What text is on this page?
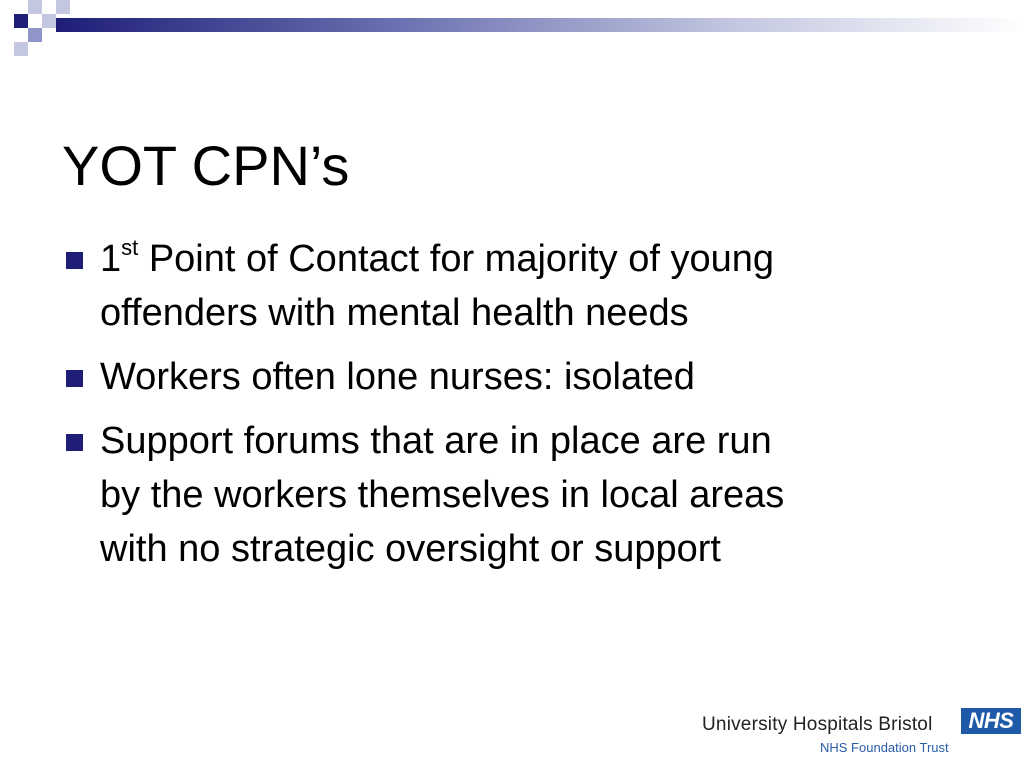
YOT CPN’s
1st Point of Contact for majority of young
offenders with mental health needs
Workers often lone nurses: isolated
Support forums that are in place are run
by the workers themselves in local areas
with no strategic oversight or support
University Hospitals Bristol
NHS Foundation Trust
NHS
